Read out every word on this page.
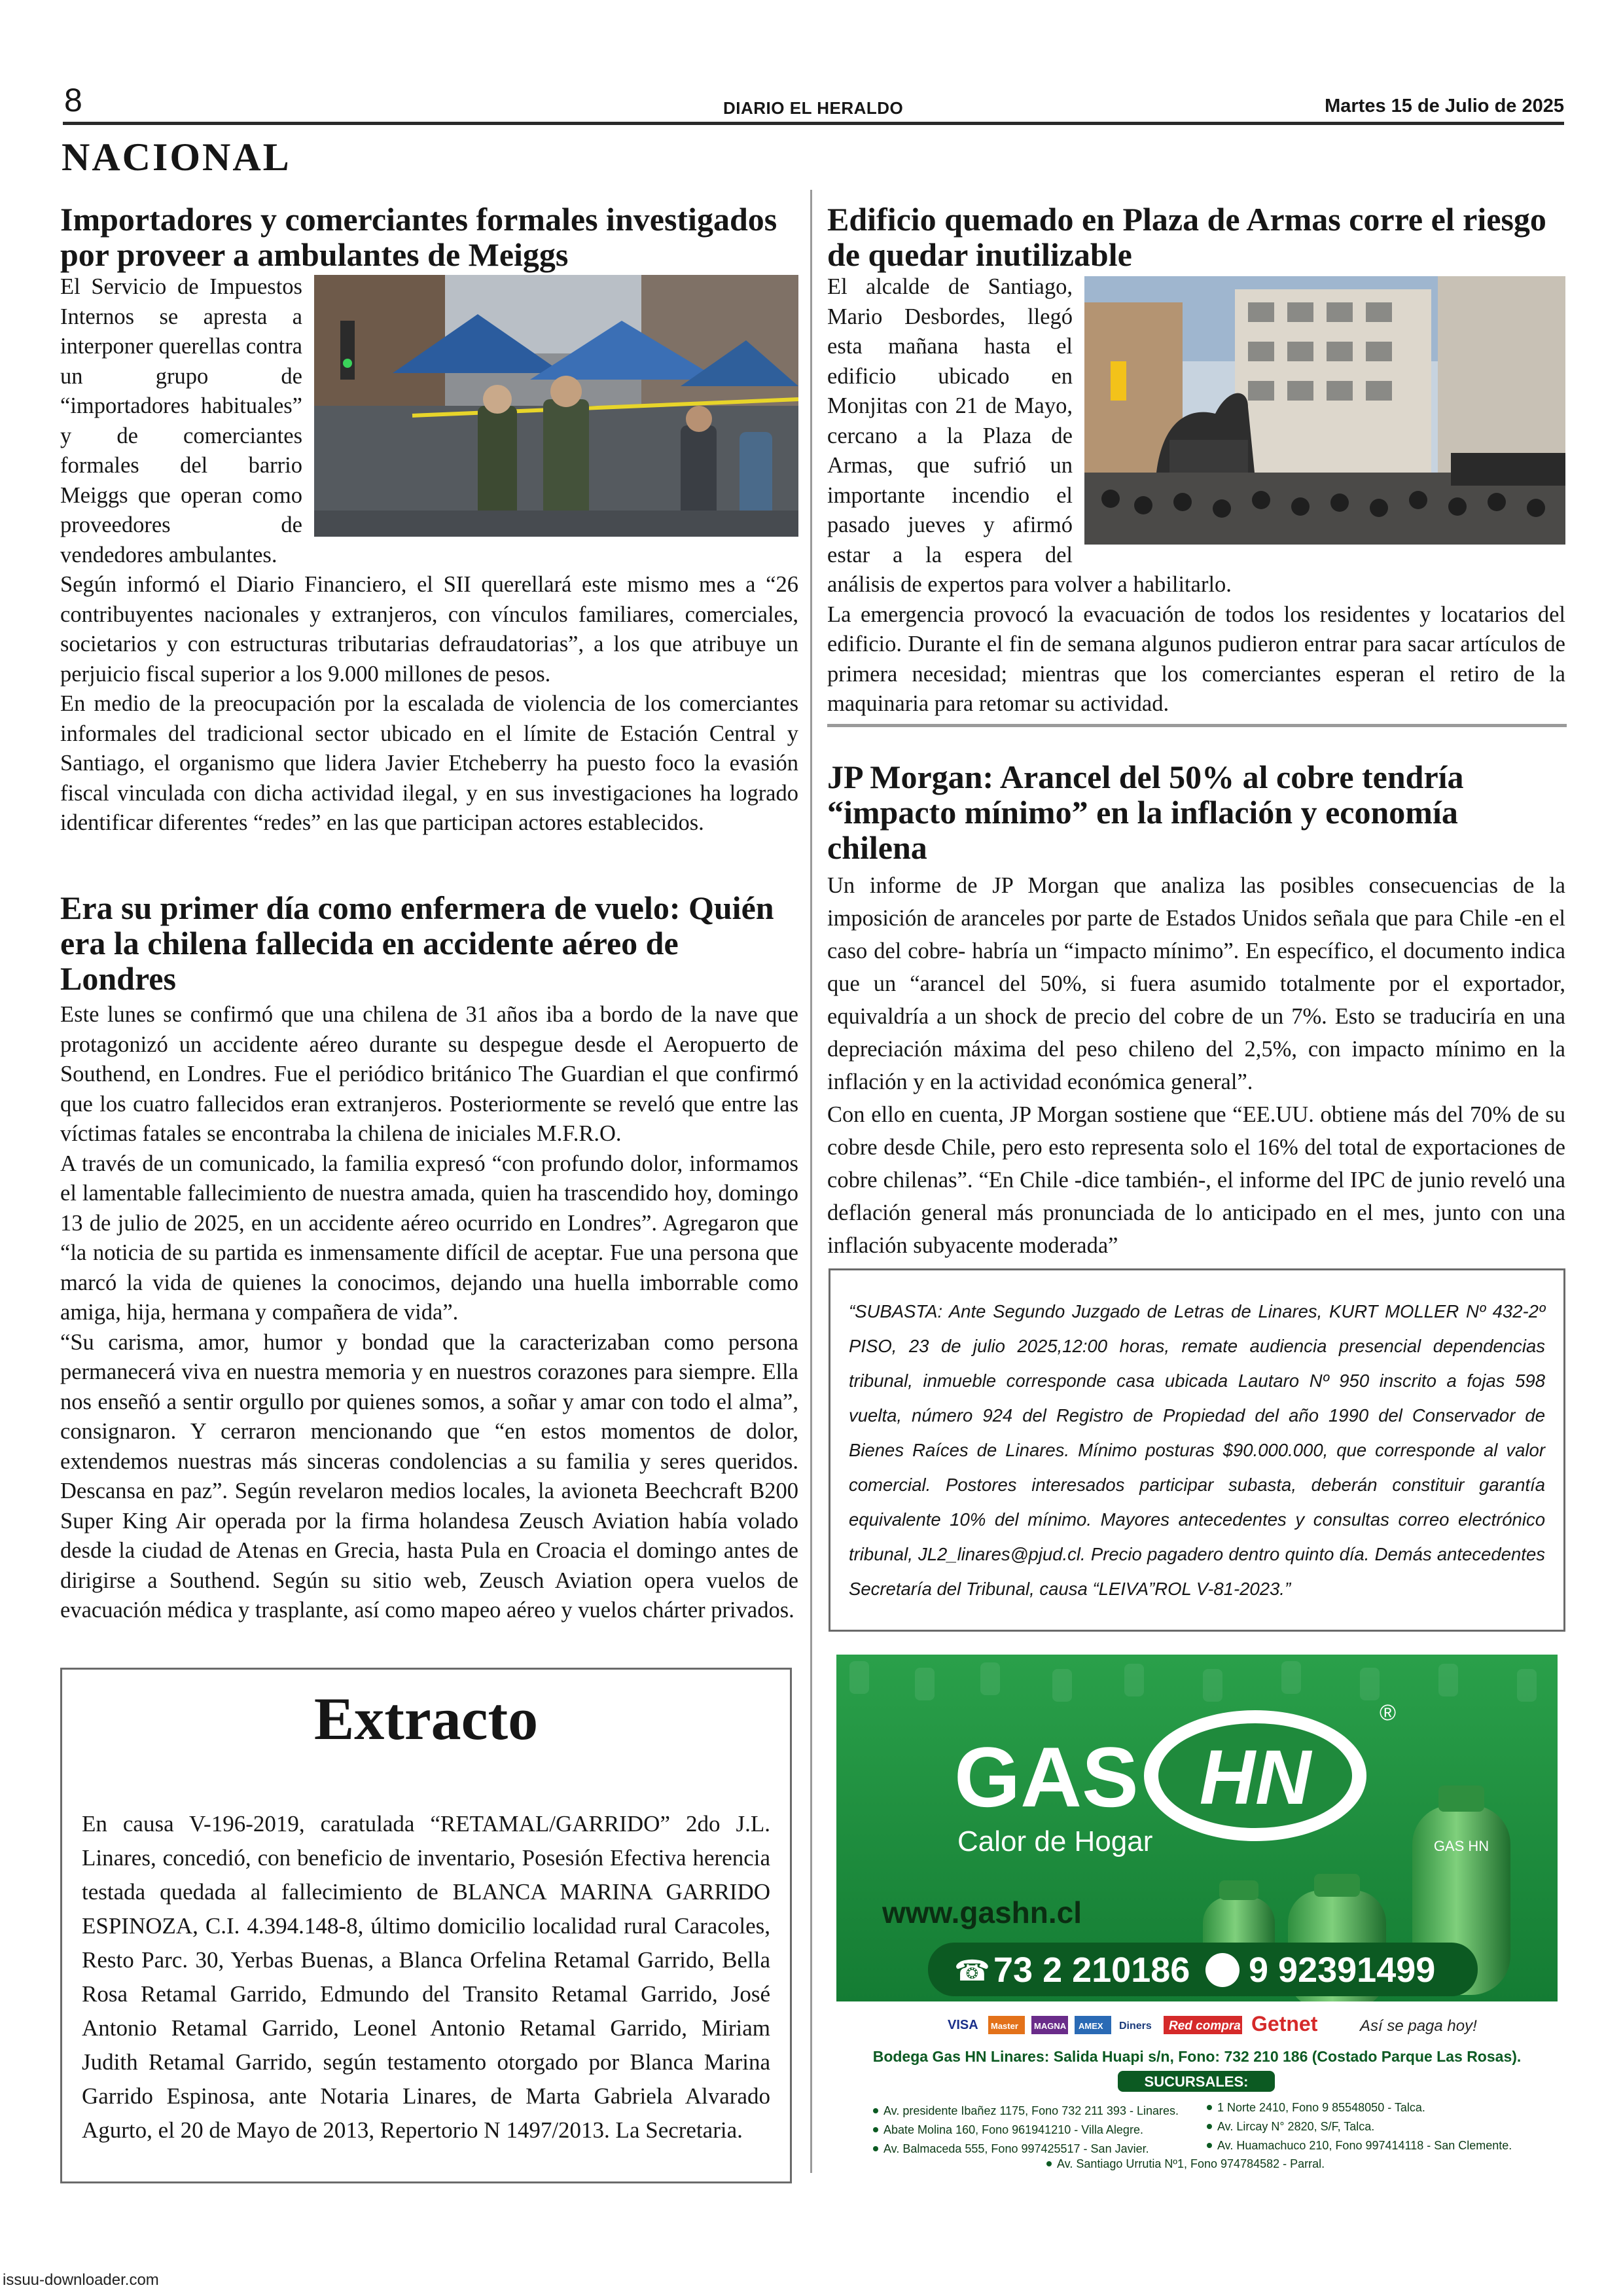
8	DIARIO EL HERALDO	Martes 15 de Julio de 2025
NACIONAL
Importadores y comerciantes formales investigados por proveer a ambulantes de Meiggs

El Servicio de Impuestos Internos se apresta a interponer querellas contra un grupo de “importadores habituales” y de comerciantes formales del barrio Meiggs que operan como proveedores de vendedores ambulantes.

Según informó el Diario Financiero, el SII querellará este mismo mes a “26 contribuyentes nacionales y extranjeros, con vínculos familiares, comerciales, societarios y con estructuras tributarias defraudatorias”, a los que atribuye un perjuicio fiscal superior a los 9.000 millones de pesos.

En medio de la preocupación por la escalada de violencia de los comerciantes informales del tradicional sector ubicado en el límite de Estación Central y Santiago, el organismo que lidera Javier Etcheberry ha puesto foco la evasión fiscal vinculada con dicha actividad ilegal, y en sus investigaciones ha logrado identificar diferentes “redes” en las que participan actores establecidos.

Era su primer día como enfermera de vuelo: Quién era la chilena fallecida en accidente aéreo de Londres

Este lunes se confirmó que una chilena de 31 años iba a bordo de la nave que protagonizó un accidente aéreo durante su despegue desde el Aeropuerto de Southend, en Londres. Fue el periódico británico The Guardian el que confirmó que los cuatro fallecidos eran extranjeros. Posteriormente se reveló que entre las víctimas fatales se encontraba la chilena de iniciales M.F.R.O.

A través de un comunicado, la familia expresó “con profundo dolor, informamos el lamentable fallecimiento de nuestra amada, quien ha trascendido hoy, domingo 13 de julio de 2025, en un accidente aéreo ocurrido en Londres”. Agregaron que “la noticia de su partida es inmensamente difícil de aceptar. Fue una persona que marcó la vida de quienes la conocimos, dejando una huella imborrable como amiga, hija, hermana y compañera de vida”.

“Su carisma, amor, humor y bondad que la caracterizaban como persona permanecerá viva en nuestra memoria y en nuestros corazones para siempre. Ella nos enseñó a sentir orgullo por quienes somos, a soñar y amar con todo el alma”, consignaron. Y cerraron mencionando que “en estos momentos de dolor, extendemos nuestras más sinceras condolencias a su familia y seres queridos. Descansa en paz”. Según revelaron medios locales, la avioneta Beechcraft B200 Super King Air operada por la firma holandesa Zeusch Aviation había volado desde la ciudad de Atenas en Grecia, hasta Pula en Croacia el domingo antes de dirigirse a Southend. Según su sitio web, Zeusch Aviation opera vuelos de evacuación médica y trasplante, así como mapeo aéreo y vuelos chárter privados.

Edificio quemado en Plaza de Armas corre el riesgo de quedar inutilizable

El alcalde de Santiago, Mario Desbordes, llegó esta mañana hasta el edificio ubicado en Monjitas con 21 de Mayo, cercano a la Plaza de Armas, que sufrió un importante incendio el pasado jueves y afirmó estar a la espera del análisis de expertos para volver a habilitarlo.

La emergencia provocó la evacuación de todos los residentes y locatarios del edificio. Durante el fin de semana algunos pudieron entrar para sacar artículos de primera necesidad; mientras que los comerciantes esperan el retiro de la maquinaria para retomar su actividad.

JP Morgan: Arancel del 50% al cobre tendría “impacto mínimo” en la inflación y economía chilena

Un informe de JP Morgan que analiza las posibles consecuencias de la imposición de aranceles por parte de Estados Unidos señala que para Chile -en el caso del cobre- habría un “impacto mínimo”. En específico, el documento indica que un “arancel del 50%, si fuera asumido totalmente por el exportador, equivaldría a un shock de precio del cobre de un 7%. Esto se traduciría en una depreciación máxima del peso chileno del 2,5%, con impacto mínimo en la inflación y en la actividad económica general”.

Con ello en cuenta, JP Morgan sostiene que “EE.UU. obtiene más del 70% de su cobre desde Chile, pero esto representa solo el 16% del total de exportaciones de cobre chilenas”. “En Chile -dice también-, el informe del IPC de junio reveló una deflación general más pronunciada de lo anticipado en el mes, junto con una inflación subyacente moderada”

“SUBASTA: Ante Segundo Juzgado de Letras de Linares, KURT MOLLER Nº 432-2º PISO, 23 de julio 2025,12:00 horas, remate audiencia presencial dependencias tribunal, inmueble corresponde casa ubicada Lautaro Nº 950 inscrito a fojas 598 vuelta, número 924 del Registro de Propiedad del año 1990 del Conservador de Bienes Raíces de Linares. Mínimo posturas $90.000.000, que corresponde al valor comercial. Postores interesados participar subasta, deberán constituir garantía equivalente 10% del mínimo. Mayores antecedentes y consultas correo electrónico tribunal, JL2_linares@pjud.cl. Precio pagadero dentro quinto día. Demás antecedentes Secretaría del Tribunal, causa “LEIVA”ROL V-81-2023.”
Extracto
En causa V-196-2019, caratulada “RETAMAL/GARRIDO” 2do J.L. Linares, concedió, con beneficio de inventario, Posesión Efectiva herencia testada quedada al fallecimiento de BLANCA MARINA GARRIDO ESPINOZA, C.I. 4.394.148-8, último domicilio localidad rural Caracoles, Resto Parc. 30, Yerbas Buenas, a Blanca Orfelina Retamal Garrido, Bella Rosa Retamal Garrido, Edmundo del Transito Retamal Garrido, José Antonio Retamal Garrido, Leonel Antonio Retamal Garrido, Miriam Judith Retamal Garrido, según testamento otorgado por Blanca Marina Garrido Espinosa, ante Notaria Linares, de Marta Gabriela Alvarado Agurto, el 20 de Mayo de 2013, Repertorio N 1497/2013. La Secretaria.
GAS HN
®
Calor de Hogar
www.gashn.cl
GAS HN
☎ 73 2 210186 9 92391499
VISA Master MAGNA AMEX Diners Red compra Getnet	Así se paga hoy!
Bodega Gas HN Linares: Salida Huapi s/n, Fono: 732 210 186 (Costado Parque Las Rosas).
SUCURSALES:
Av. presidente Ibañez 1175, Fono 732 211 393 - Linares.
Abate Molina 160, Fono 961941210 - Villa Alegre.
Av. Balmaceda 555, Fono 997425517 - San Javier.
1 Norte 2410, Fono 9 85548050 - Talca.
Av. Lircay N° 2820, S/F, Talca.
Av. Huamachuco 210, Fono 997414118 - San Clemente.
Av. Santiago Urrutia Nº1, Fono 974784582 - Parral.
issuu-downloader.com
